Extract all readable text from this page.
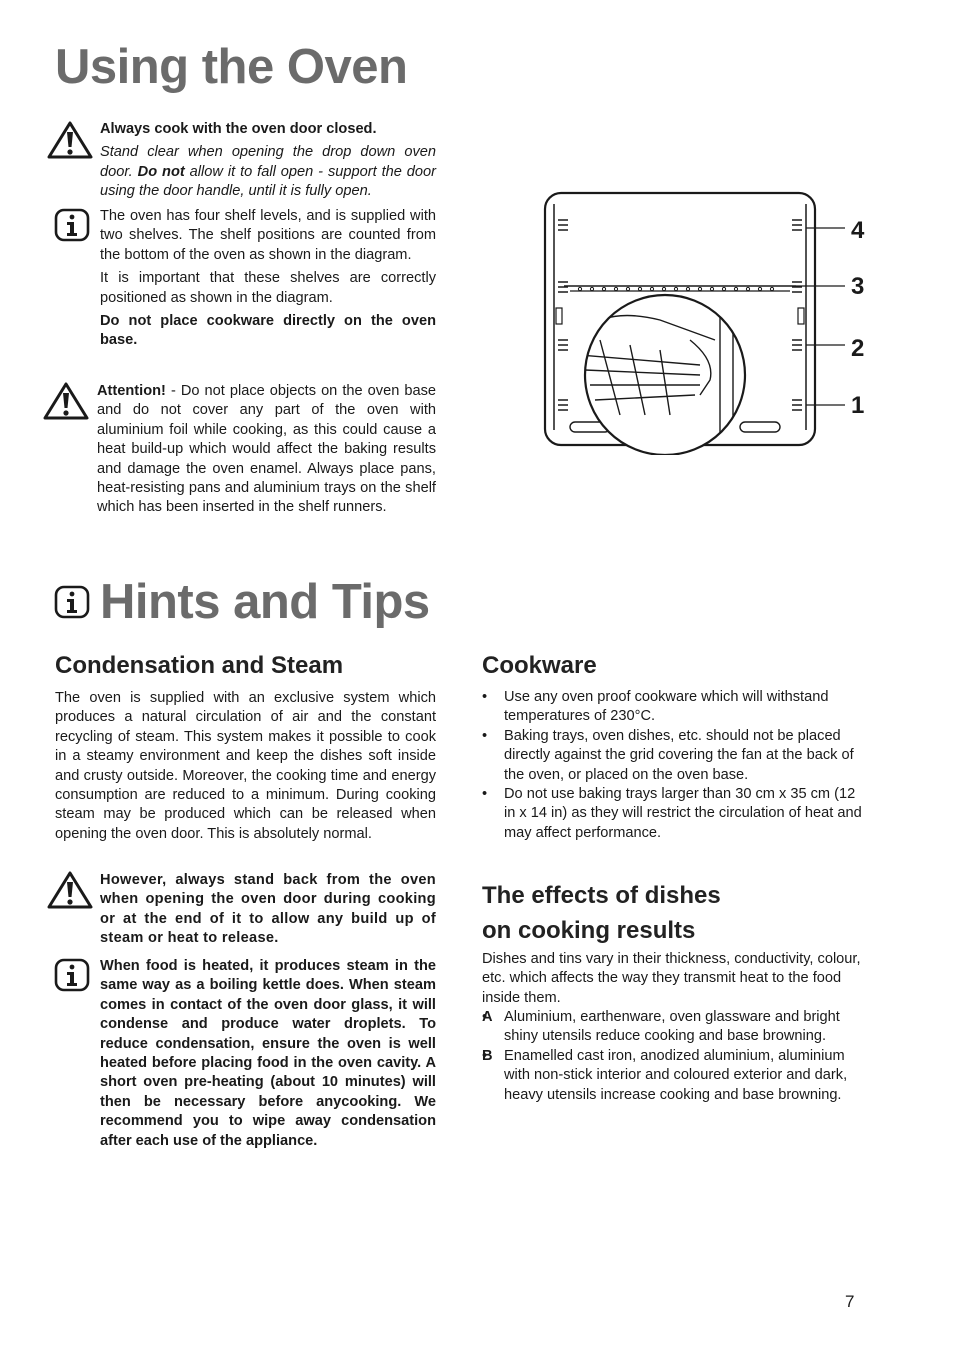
Using the Oven

Always cook with the oven door closed.

Stand clear when opening the drop down oven door. Do not allow it to fall open - support the door using the door handle, until it is fully open.

The oven has four shelf levels, and is supplied with two shelves. The shelf positions are counted from the bottom of the oven as shown in the diagram.

It is important that these shelves are correctly positioned as shown in the diagram.

Do not place cookware directly on the oven base.

Attention! - Do not place objects on the oven base and do not cover any part of the oven with aluminium foil while cooking, as this could cause a heat build-up which would affect the baking results and damage the oven enamel. Always place pans, heat-resisting pans and aluminium trays on the shelf which has been inserted in the shelf runners.

4
3
2
1
Hints and Tips
Condensation and Steam

The oven is supplied with an exclusive system which produces a natural circulation of air and the constant recycling of steam. This system makes it possible to cook in a steamy environment and keep the dishes soft inside and crusty outside. Moreover, the cooking time and energy consumption are reduced to a minimum. During cooking steam may be produced which can be released when opening the oven door. This is absolutely normal.

However, always stand back from the oven when opening the oven door during cooking or at the end of it to allow any build up of steam or heat to release.

When food is heated, it produces steam in the same way as a boiling kettle does. When steam comes in contact of the oven door glass, it will condense and produce water droplets. To reduce condensation, ensure the oven is well heated before placing food in the oven cavity. A short oven pre-heating (about 10 minutes) will then be necessary before anycooking. We recommend you to wipe away condensation after each use of the appliance.

Cookware
• Use any oven proof cookware which will withstand temperatures of 230°C.
• Baking trays, oven dishes, etc. should not be placed directly against the grid covering the fan at the back of the oven, or placed on the oven base.
• Do not use baking trays larger than 30 cm x 35 cm (12 in x 14 in) as they will restrict the circulation of heat and may affect performance.
The effects of dishes
on cooking results

Dishes and tins vary in their thickness, conductivity, colour, etc. which affects the way they transmit heat to the food inside them.

• A Aluminium, earthenware, oven glassware and bright shiny utensils reduce cooking and base browning.
• B Enamelled cast iron, anodized aluminium, aluminium with non-stick interior and coloured exterior and dark, heavy utensils increase cooking and base browning.
7
